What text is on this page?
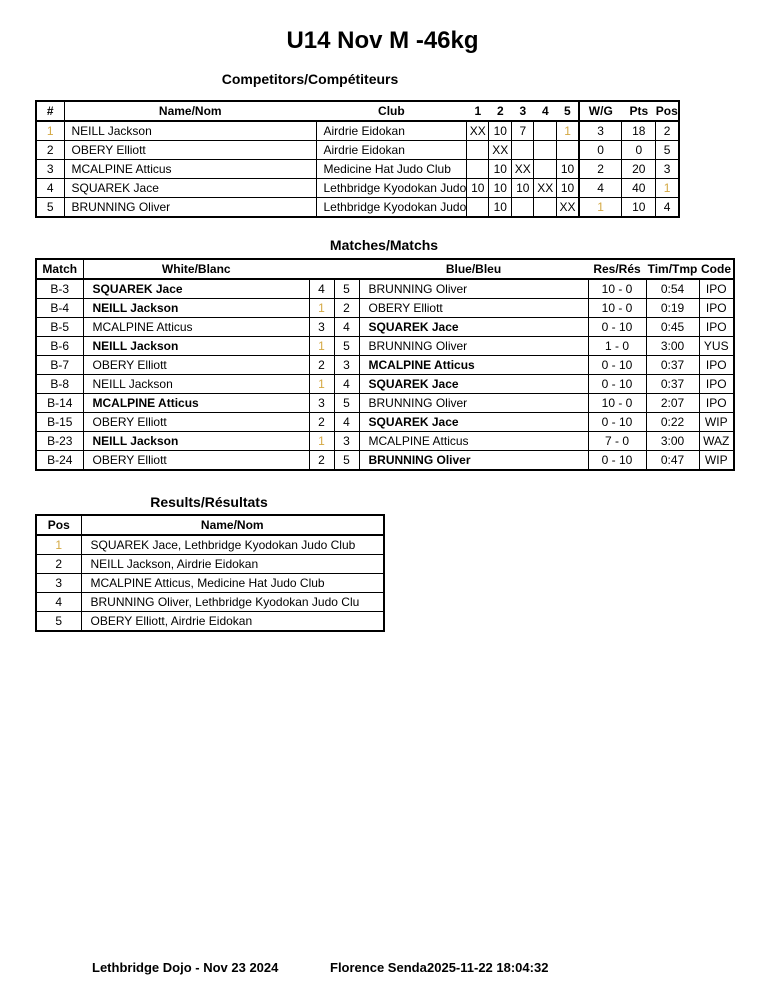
U14 Nov M -46kg
Competitors/Compétiteurs
#	Name/Nom	Club	1	2	3	4	5	W/G	Pts	Pos
1	NEILL Jackson	Airdrie Eidokan	XX	10	7		1	3	18	2
2	OBERY Elliott	Airdrie Eidokan		XX				0	0	5
3	MCALPINE Atticus	Medicine Hat Judo Club		10	XX		10	2	20	3
4	SQUAREK Jace	Lethbridge Kyodokan Judo	10	10	10	XX	10	4	40	1
5	BRUNNING Oliver	Lethbridge Kyodokan Judo		10			XX	1	10	4
Matches/Matchs
Match	White/Blanc			Blue/Bleu	Res/Rés	Tim/Tmp	Code
B-3	SQUAREK Jace	4	5	BRUNNING Oliver	10 - 0	0:54	IPO
B-4	NEILL Jackson	1	2	OBERY Elliott	10 - 0	0:19	IPO
B-5	MCALPINE Atticus	3	4	SQUAREK Jace	0 - 10	0:45	IPO
B-6	NEILL Jackson	1	5	BRUNNING Oliver	1 - 0	3:00	YUS
B-7	OBERY Elliott	2	3	MCALPINE Atticus	0 - 10	0:37	IPO
B-8	NEILL Jackson	1	4	SQUAREK Jace	0 - 10	0:37	IPO
B-14	MCALPINE Atticus	3	5	BRUNNING Oliver	10 - 0	2:07	IPO
B-15	OBERY Elliott	2	4	SQUAREK Jace	0 - 10	0:22	WIP
B-23	NEILL Jackson	1	3	MCALPINE Atticus	7 - 0	3:00	WAZ
B-24	OBERY Elliott	2	5	BRUNNING Oliver	0 - 10	0:47	WIP
Results/Résultats
Pos	Name/Nom
1	SQUAREK Jace, Lethbridge Kyodokan Judo Club
2	NEILL Jackson, Airdrie Eidokan
3	MCALPINE Atticus, Medicine Hat Judo Club
4	BRUNNING Oliver, Lethbridge Kyodokan Judo Clu
5	OBERY Elliott, Airdrie Eidokan
Lethbridge Dojo - Nov 23 2024	Florence Senda 2025-11-22 18:04:32
